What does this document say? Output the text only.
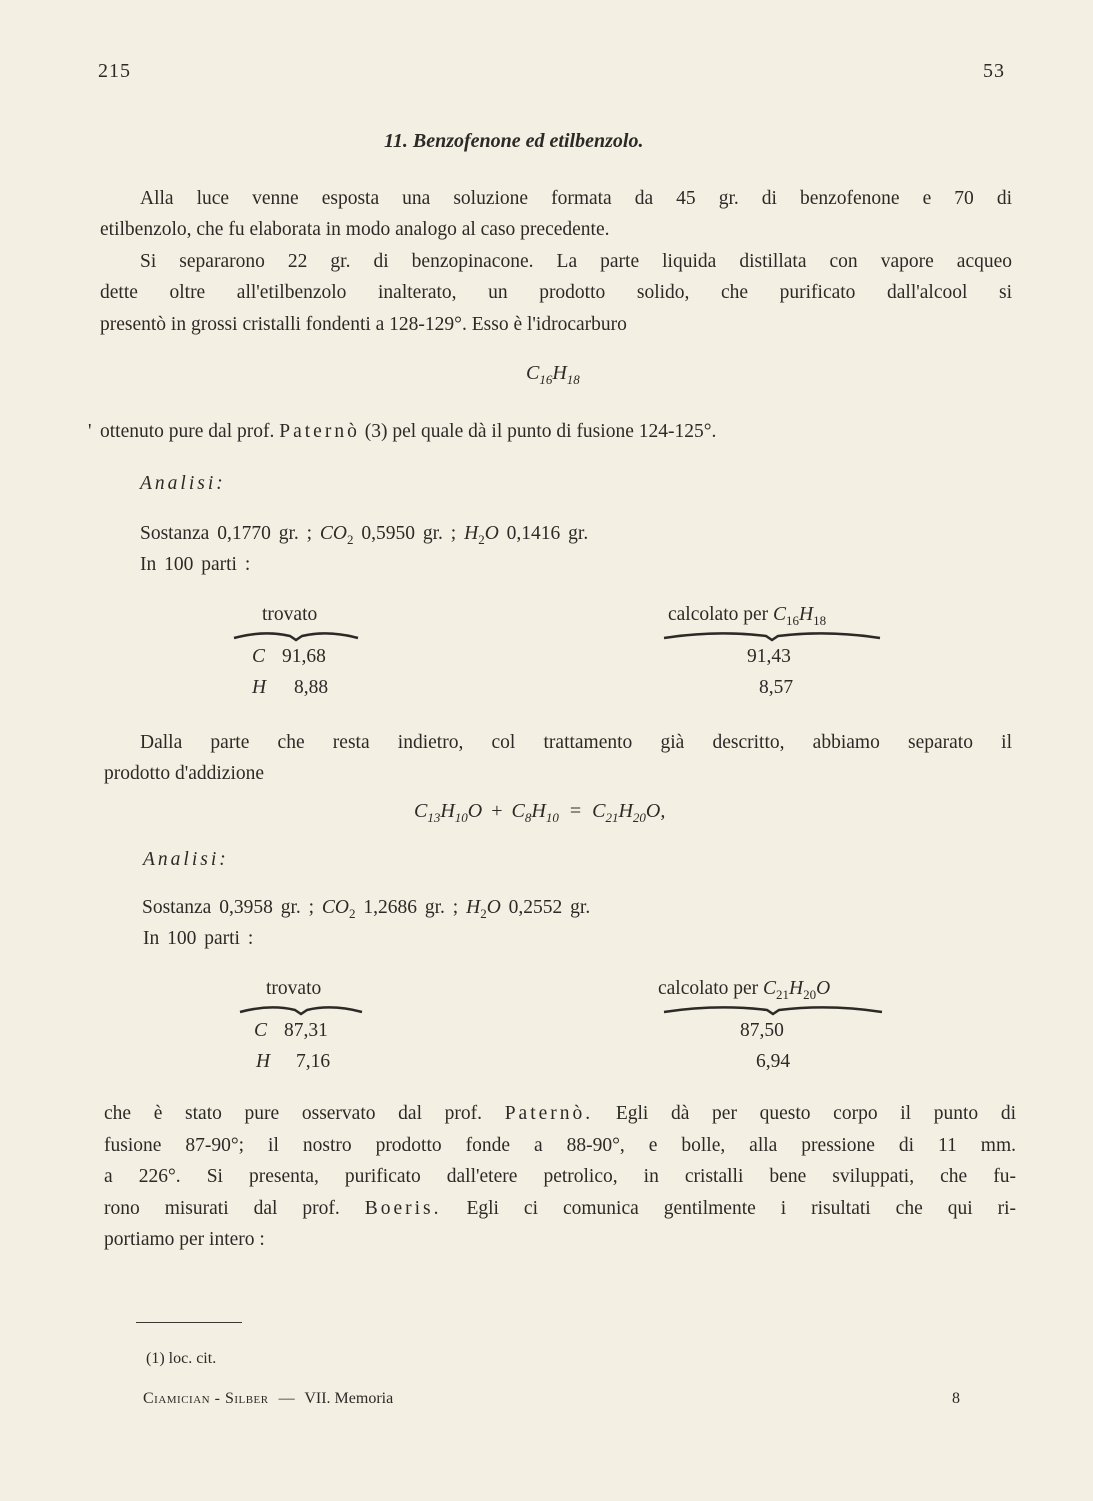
215	53
11. Benzofenone ed etilbenzolo.
Alla luce venne esposta una soluzione formata da 45 gr. di benzofenone e 70 di
etilbenzolo, che fu elaborata in modo analogo al caso precedente.
Si separarono 22 gr. di benzopinacone. La parte liquida distillata con vapore acqueo
dette oltre all'etilbenzolo inalterato, un prodotto solido, che purificato dall'alcool si
presentò in grossi cristalli fondenti a 128-129°. Esso è l'idrocarburo
$C_{16}H_{18}$
' ottenuto pure dal prof. Paternò (3) pel quale dà il punto di fusione 124-125°.
Analisi:
Sostanza 0,1770 gr. ; $CO_2$ 0,5950 gr. ; $H_2O$ 0,1416 gr.
In 100 parti :
trovato	calcolato per $C_{16}H_{18}$
C 91,68	91,43
H 8,88	8,57
Dalla parte che resta indietro, col trattamento già descritto, abbiamo separato il
prodotto d'addizione
$C_{13}H_{10}O + C_8H_{10} = C_{21}H_{20}O$,
Analisi:
Sostanza 0,3958 gr. ; $CO_2$ 1,2686 gr. ; $H_2O$ 0,2552 gr.
In 100 parti :
trovato	calcolato per $C_{21}H_{20}O$
C 87,31	87,50
H 7,16	6,94
che è stato pure osservato dal prof. Paternò. Egli dà per questo corpo il punto di
fusione 87-90°; il nostro prodotto fonde a 88-90°, e bolle, alla pressione di 11 mm.
a 226°. Si presenta, purificato dall'etere petrolico, in cristalli bene sviluppati, che fu-
rono misurati dal prof. Boeris. Egli ci comunica gentilmente i risultati che qui ri-
portiamo per intero :
(1) loc. cit.
Ciamician - Silber — VII. Memoria	8
